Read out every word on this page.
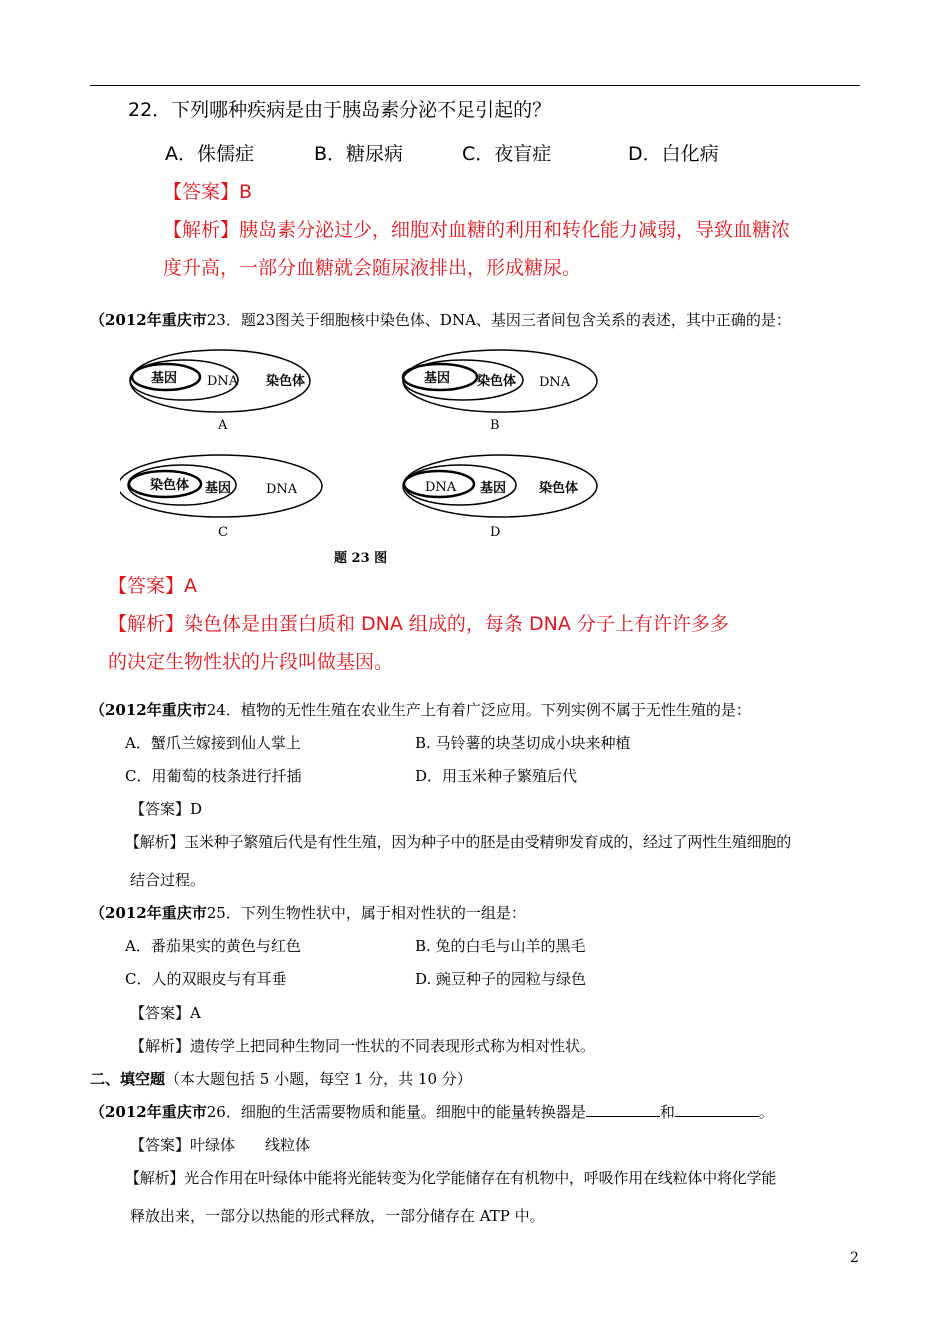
22．下列哪种疾病是由于胰岛素分泌不足引起的？
A．侏儒症	B．糖尿病	C．夜盲症	D．白化病
【答案】B
【解析】胰岛素分泌过少，细胞对血糖的利用和转化能力减弱，导致血糖浓
度升高，一部分血糖就会随尿液排出，形成糖尿。
（2012年重庆市23．题23图关于细胞核中染色体、DNA、基因三者间包含关系的表述，其中正确的是：
基因 DNA 染色体
A
基因 染色体 DNA
B
染色体 基因	DNA
C
DNA 基因	染色体
D
题 23 图
【答案】A
【解析】染色体是由蛋白质和 DNA 组成的，每条 DNA 分子上有许许多多
的决定生物性状的片段叫做基因。
（2012年重庆市24．植物的无性生殖在农业生产上有着广泛应用。下列实例不属于无性生殖的是：
A．蟹爪兰嫁接到仙人掌上	B. 马铃薯的块茎切成小块来种植
C．用葡萄的枝条进行扦插	D．用玉米种子繁殖后代
【答案】D
【解析】玉米种子繁殖后代是有性生殖，因为种子中的胚是由受精卵发育成的，经过了两性生殖细胞的
结合过程。
（2012年重庆市25．下列生物性状中，属于相对性状的一组是：
A．番茄果实的黄色与红色	B. 兔的白毛与山羊的黑毛
C．人的双眼皮与有耳垂	D. 豌豆种子的园粒与绿色
【答案】A
【解析】遗传学上把同种生物同一性状的不同表现形式称为相对性状。
二、填空题（本大题包括 5 小题，每空 1 分，共 10 分）
（2012年重庆市26．细胞的生活需要物质和能量。细胞中的能量转换器是	和	。
【答案】叶绿体　　线粒体
【解析】光合作用在叶绿体中能将光能转变为化学能储存在有机物中，呼吸作用在线粒体中将化学能
释放出来，一部分以热能的形式释放，一部分储存在 ATP 中。
2
